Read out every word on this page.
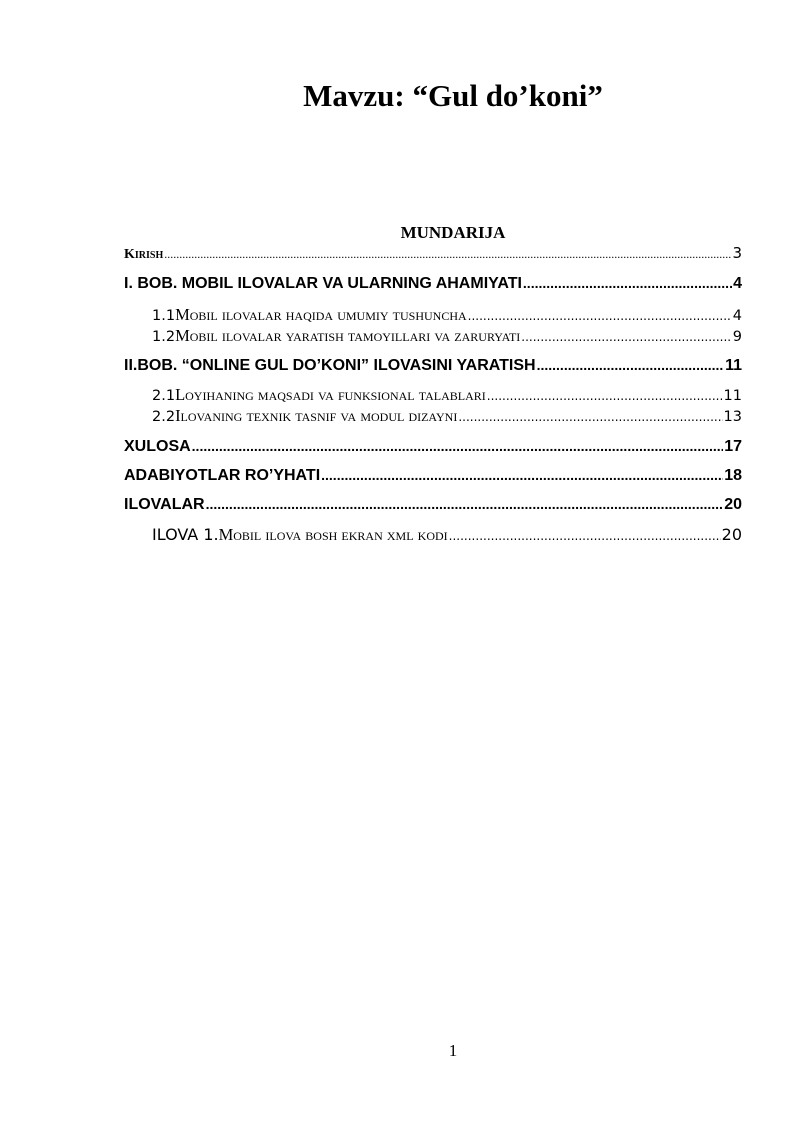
Mavzu: “Gul do’koni”
MUNDARIJA
Kirish .....	3
I. BOB. MOBIL ILOVALAR VA ULARNING AHAMIYATI .....	4
1.1 Mobil ilovalar haqida umumiy tushuncha .....	4
1.2 Mobil ilovalar yaratish tamoyillari va zaruryati .....	9
II.BOB. “ONLINE GUL DO’KONI” ILOVASINI YARATISH .....	11
2.1 Loyihaning maqsadi va funksional talablari .....	11
2.2 Ilovaning texnik tasnif va modul dizayni .....	13
XULOSA .....	17
ADABIYOTLAR RO’YHATI .....	18
ILOVALAR .....	20
ILOVA 1. Mobil ilova bosh ekran xml kodi .....	20
1
